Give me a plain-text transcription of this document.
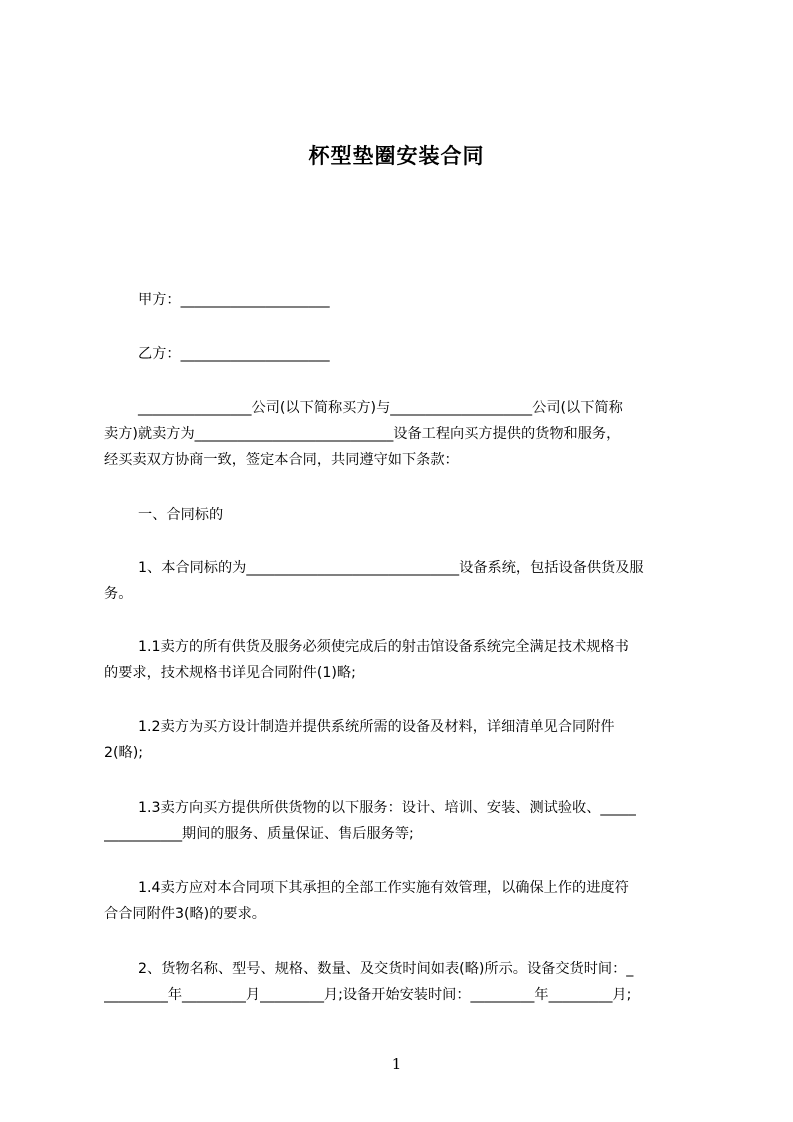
杯型垫圈安装合同
甲方：_____________________
乙方：_____________________
________________公司(以下简称买方)与____________________公司(以下简称
卖方)就卖方为____________________________设备工程向买方提供的货物和服务，
经买卖双方协商一致，签定本合同，共同遵守如下条款：
一、合同标的
1、本合同标的为______________________________设备系统，包括设备供货及服
务。
1.1卖方的所有供货及服务必须使完成后的射击馆设备系统完全满足技术规格书
的要求，技术规格书详见合同附件(1)略;
1.2卖方为买方设计制造并提供系统所需的设备及材料，详细清单见合同附件
2(略);
1.3卖方向买方提供所供货物的以下服务：设计、培训、安装、测试验收、_____
___________期间的服务、质量保证、售后服务等;
1.4卖方应对本合同项下其承担的全部工作实施有效管理，以确保上作的进度符
合合同附件3(略)的要求。
2、货物名称、型号、规格、数量、及交货时间如表(略)所示。设备交货时间：_
_________年_________月_________月;设备开始安装时间：_________年_________月;
1
